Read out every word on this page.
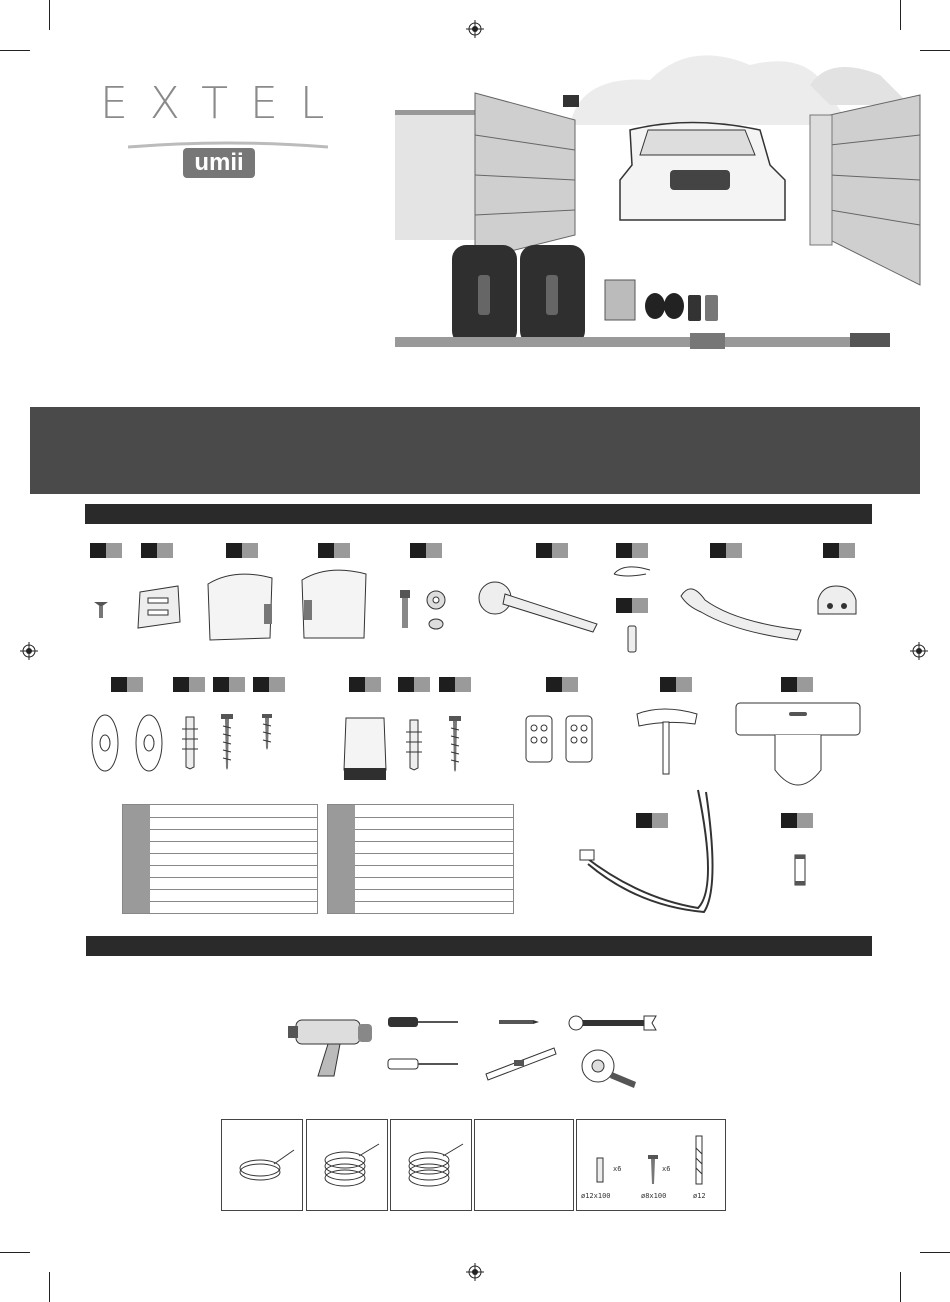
EXTEL
umii
x6	x6
ø12x100	ø8x100	ø12
